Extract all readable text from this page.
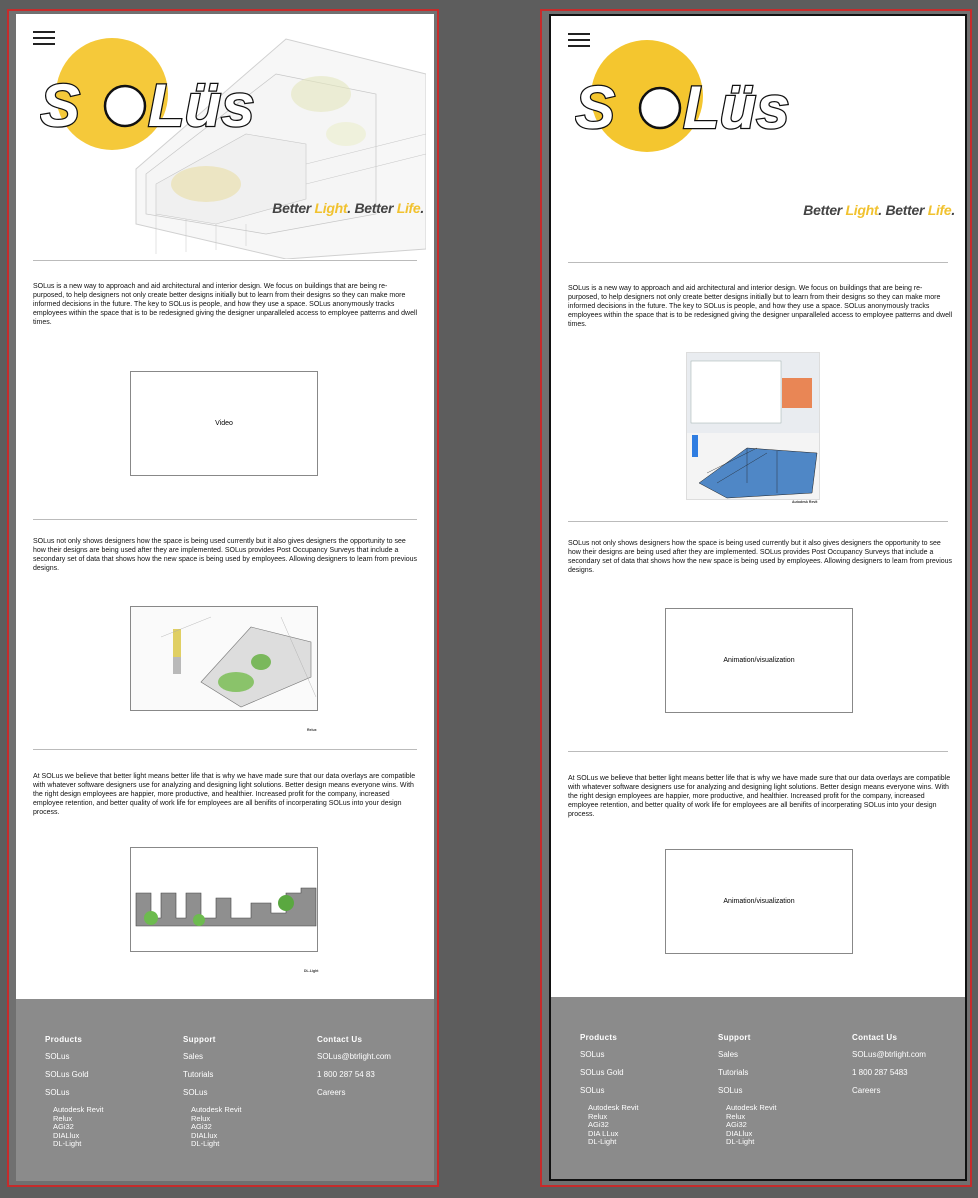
S Lüs
Better Light. Better Life.
SOLus is a new way to approach and aid architectural and interior design. We focus on buildings that are being re-purposed, to help designers not only create better designs initially but to learn from their designs so they can make more informed decisions in the future. The key to SOLus is people, and how they use a space. SOLus anonymously tracks employees within the space that is to be redesigned giving the designer unparalleled access to employee patterns and dwell times.
Video
SOLus not only shows designers how the space is being used currently but it also gives designers the opportunity to see how their designs are being used after they are implemented. SOLus provides Post Occupancy Surveys that include a secondary set of data that shows how the new space is being used by employees. Allowing designers to learn from previous designs.
Relux
At SOLus we believe that better light means better life that is why we have made sure that our data overlays are compatible with whatever software designers use for analyzing and designing light solutions. Better design means everyone wins. With the right design employees are happier, more productive, and healthier. Increased profit for the company, increased employee retention, and better quality of work life for employees are all benifits of incorperating SOLus into your design process.
DL-Light
Products
SOLus
SOLus Gold
SOLus
Autodesk Revit
Relux
AGi32
DIALlux
DL-Light
Support
Sales
Tutorials
SOLus
Autodesk Revit
Relux
AGi32
DIALlux
DL-Light
Contact Us
SOLus@btrlight.com
1 800 287 54 83
Careers
S Lüs
Better Light. Better Life.
SOLus is a new way to approach and aid architectural and interior design. We focus on buildings that are being re-purposed, to help designers not only create better designs initially but to learn from their designs so they can make more informed decisions in the future. The key to SOLus is people, and how they use a space. SOLus anonymously tracks employees within the space that is to be redesigned giving the designer unparalleled access to employee patterns and dwell times.
Autodesk Revit
SOLus not only shows designers how the space is being used currently but it also gives designers the opportunity to see how their designs are being used after they are implemented. SOLus provides Post Occupancy Surveys that include a secondary set of data that shows how the new space is being used by employees. Allowing designers to learn from previous designs.
Animation/visualization
At SOLus we believe that better light means better life that is why we have made sure that our data overlays are compatible with whatever software designers use for analyzing and designing light solutions. Better design means everyone wins. With the right design employees are happier, more productive, and healthier. Increased profit for the company, increased employee retention, and better quality of work life for employees are all benifits of incorperating SOLus into your design process.
Animation/visualization
Products
SOLus
SOLus Gold
SOLus
Autodesk Revit
Relux
AGi32
DIA LLux
DL-Light
Support
Sales
Tutorials
SOLus
Autodesk Revit
Relux
AGi32
DIALlux
DL-Light
Contact Us
SOLus@btrlight.com
1 800 287 5483
Careers
